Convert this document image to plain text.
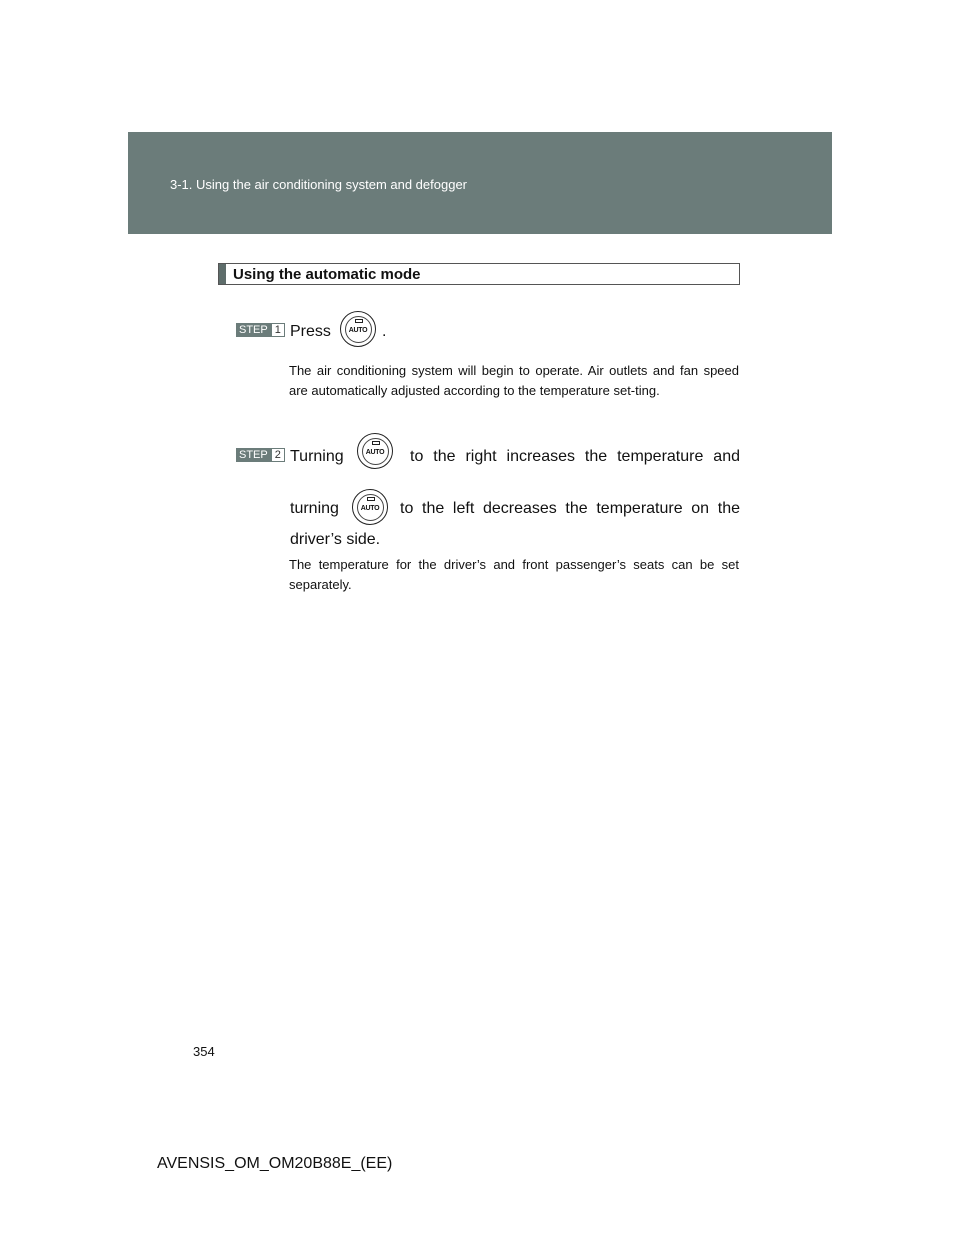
3-1. Using the air conditioning system and defogger
Using the automatic mode
STEP 1 Press	AUTO .
The air conditioning system will begin to operate. Air outlets and fan speed are automatically adjusted according to the temperature set-ting.
STEP 2 Turning	AUTO	to the right increases the temperature and
turning	AUTO	to the left decreases the temperature on the
driver’s side.
The temperature for the driver’s and front passenger’s seats can be set separately.
354
AVENSIS_OM_OM20B88E_(EE)
